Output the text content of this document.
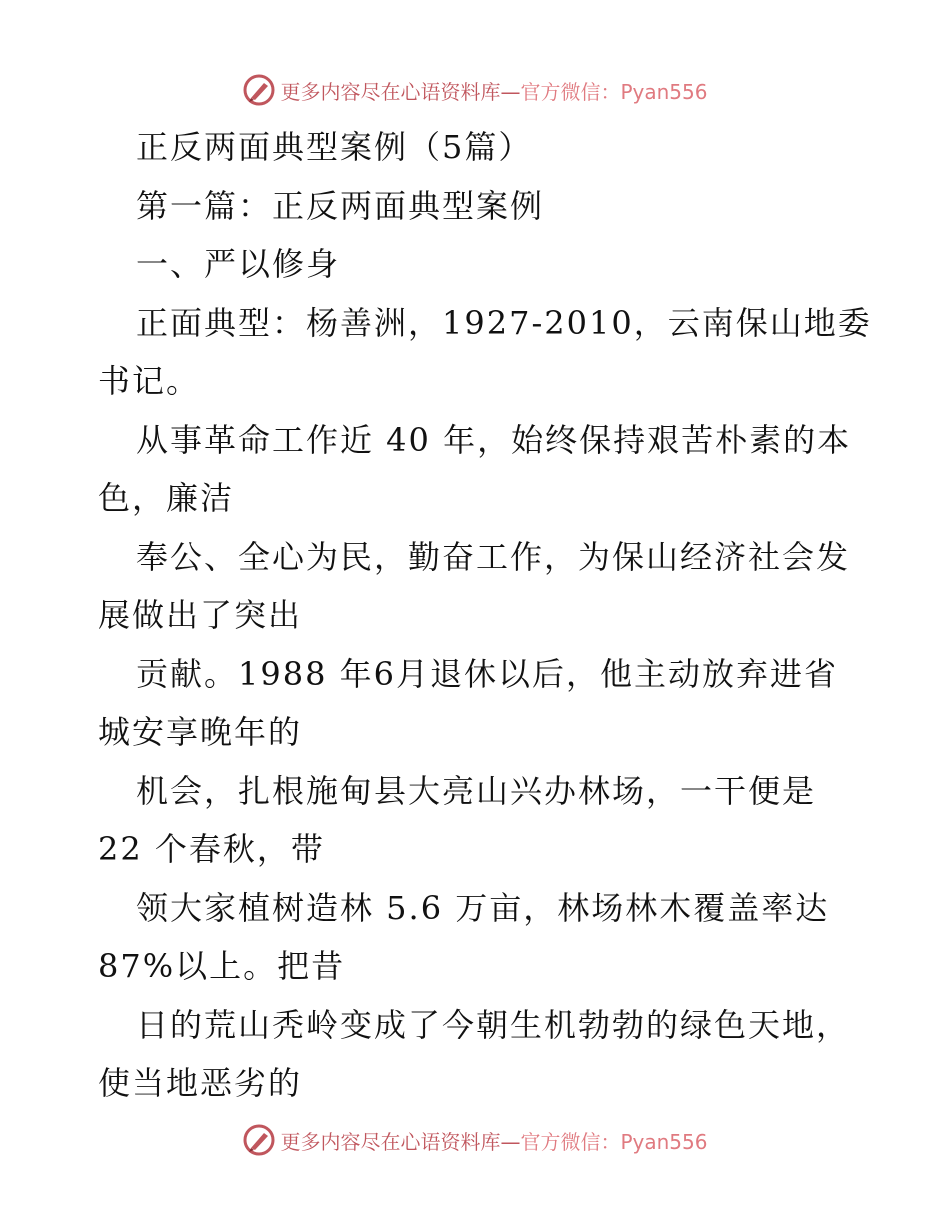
更多内容尽在心语资料库—官方微信：Pyan556
正反两面典型案例（5篇）
第一篇：正反两面典型案例
一、严以修身
正面典型：杨善洲，1927-2010，云南保山地委
书记。
从事革命工作近 40 年，始终保持艰苦朴素的本
色，廉洁
奉公、全心为民，勤奋工作，为保山经济社会发
展做出了突出
贡献。1988 年6月退休以后，他主动放弃进省
城安享晚年的
机会，扎根施甸县大亮山兴办林场，一干便是
22 个春秋，带
领大家植树造林 5.6 万亩，林场林木覆盖率达
87%以上。把昔
日的荒山秃岭变成了今朝生机勃勃的绿色天地，
使当地恶劣的
更多内容尽在心语资料库—官方微信：Pyan556
